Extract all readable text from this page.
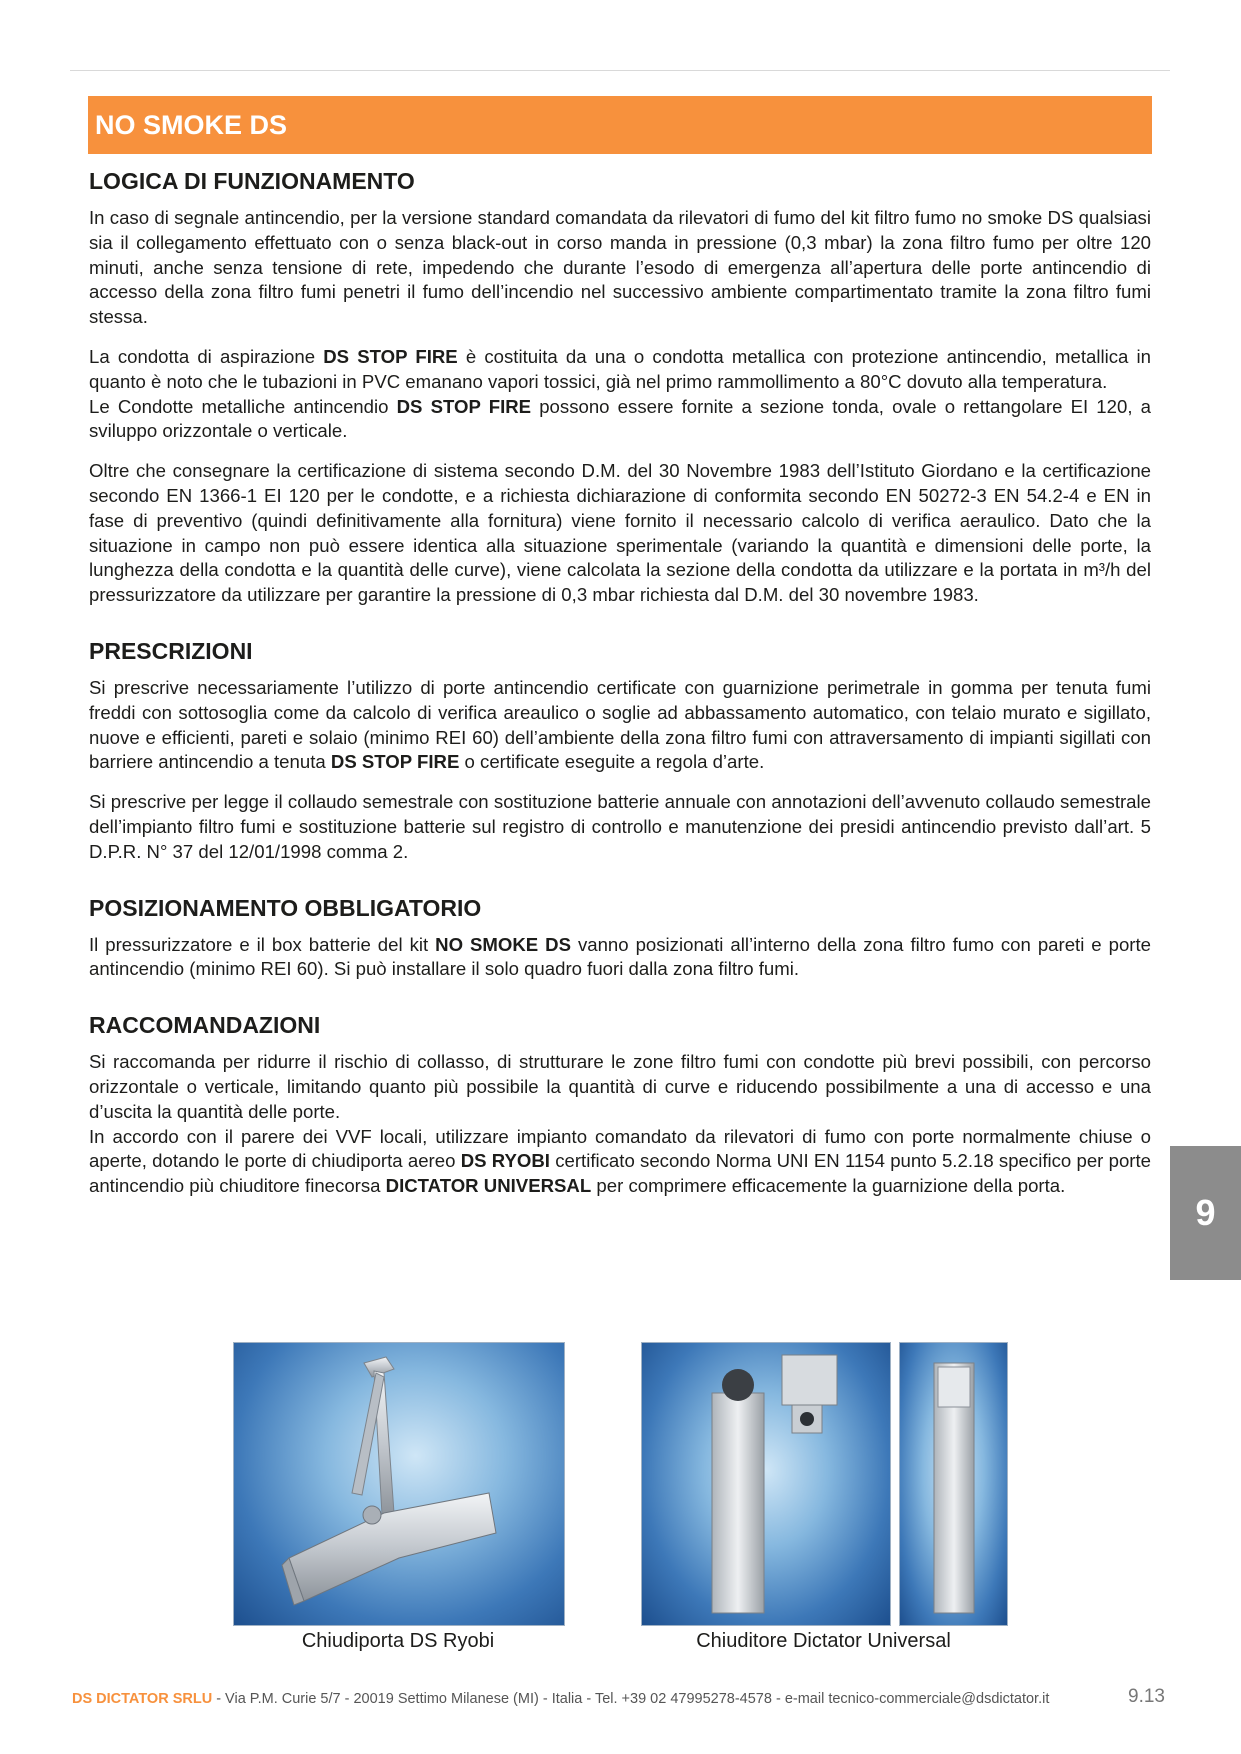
NO SMOKE DS
LOGICA DI FUNZIONAMENTO

In caso di segnale antincendio, per la versione standard comandata da rilevatori di fumo del kit filtro fumo no smoke DS qualsiasi sia il collegamento effettuato con o senza black-out in corso manda in pressione (0,3 mbar) la zona filtro fumo per oltre 120 minuti, anche senza tensione di rete, impedendo che durante l’esodo di emergenza all’apertura delle porte antincendio di accesso della zona filtro fumi penetri il fumo dell’incendio nel successivo ambiente compartimentato tramite la zona filtro fumi stessa.

La condotta di aspirazione DS STOP FIRE è costituita da una o condotta metallica con protezione antincendio, metallica in quanto è noto che le tubazioni in PVC emanano vapori tossici, già nel primo rammollimento a 80°C dovuto alla temperatura.

Le Condotte metalliche antincendio DS STOP FIRE possono essere fornite a sezione tonda, ovale o rettangolare EI 120, a sviluppo orizzontale o verticale.

Oltre che consegnare la certificazione di sistema secondo D.M. del 30 Novembre 1983 dell’Istituto Giordano e la certificazione secondo EN 1366-1 EI 120 per le condotte, e a richiesta dichiarazione di conformita secondo EN 50272-3 EN 54.2-4 e EN in fase di preventivo (quindi definitivamente alla fornitura) viene fornito il necessario calcolo di verifica aeraulico. Dato che la situazione in campo non può essere identica alla situazione sperimentale (variando la quantità e dimensioni delle porte, la lunghezza della condotta e la quantità delle curve), viene calcolata la sezione della condotta da utilizzare e la portata in m³/h del pressurizzatore da utilizzare per garantire la pressione di 0,3 mbar richiesta dal D.M. del 30 novembre 1983.

PRESCRIZIONI

Si prescrive necessariamente l’utilizzo di porte antincendio certificate con guarnizione perimetrale in gomma per tenuta fumi freddi con sottosoglia come da calcolo di verifica areaulico o soglie ad abbassamento automatico, con telaio murato e sigillato, nuove e efficienti, pareti e solaio (minimo REI 60) dell’ambiente della zona filtro fumi con attraversamento di impianti sigillati con barriere antincendio a tenuta DS STOP FIRE o certificate eseguite a regola d’arte.

Si prescrive per legge il collaudo semestrale con sostituzione batterie annuale con annotazioni dell’avvenuto collaudo semestrale dell’impianto filtro fumi e sostituzione batterie sul registro di controllo e manutenzione dei presidi antincendio previsto dall’art. 5 D.P.R. N° 37 del 12/01/1998 comma 2.

POSIZIONAMENTO OBBLIGATORIO

Il pressurizzatore e il box batterie del kit NO SMOKE DS vanno posizionati all’interno della zona filtro fumo con pareti e porte antincendio (minimo REI 60). Si può installare il solo quadro fuori dalla zona filtro fumi.

RACCOMANDAZIONI

Si raccomanda per ridurre il rischio di collasso, di strutturare le zone filtro fumi con condotte più brevi possibili, con percorso orizzontale o verticale, limitando quanto più possibile la quantità di curve e riducendo possibilmente a una di accesso e una d’uscita la quantità delle porte.

In accordo con il parere dei VVF locali, utilizzare impianto comandato da rilevatori di fumo con porte normalmente chiuse o aperte, dotando le porte di chiudiporta aereo DS RYOBI certificato secondo Norma UNI EN 1154 punto 5.2.18 specifico per porte antincendio più chiuditore finecorsa DICTATOR UNIVERSAL per comprimere efficacemente la guarnizione della porta.

9
Chiudiporta DS Ryobi	Chiuditore Dictator Universal
DS DICTATOR SRLU - Via P.M. Curie 5/7 - 20019 Settimo Milanese (MI) - Italia - Tel. +39 02 47995278-4578 - e-mail tecnico-commerciale@dsdictator.it	9.13
